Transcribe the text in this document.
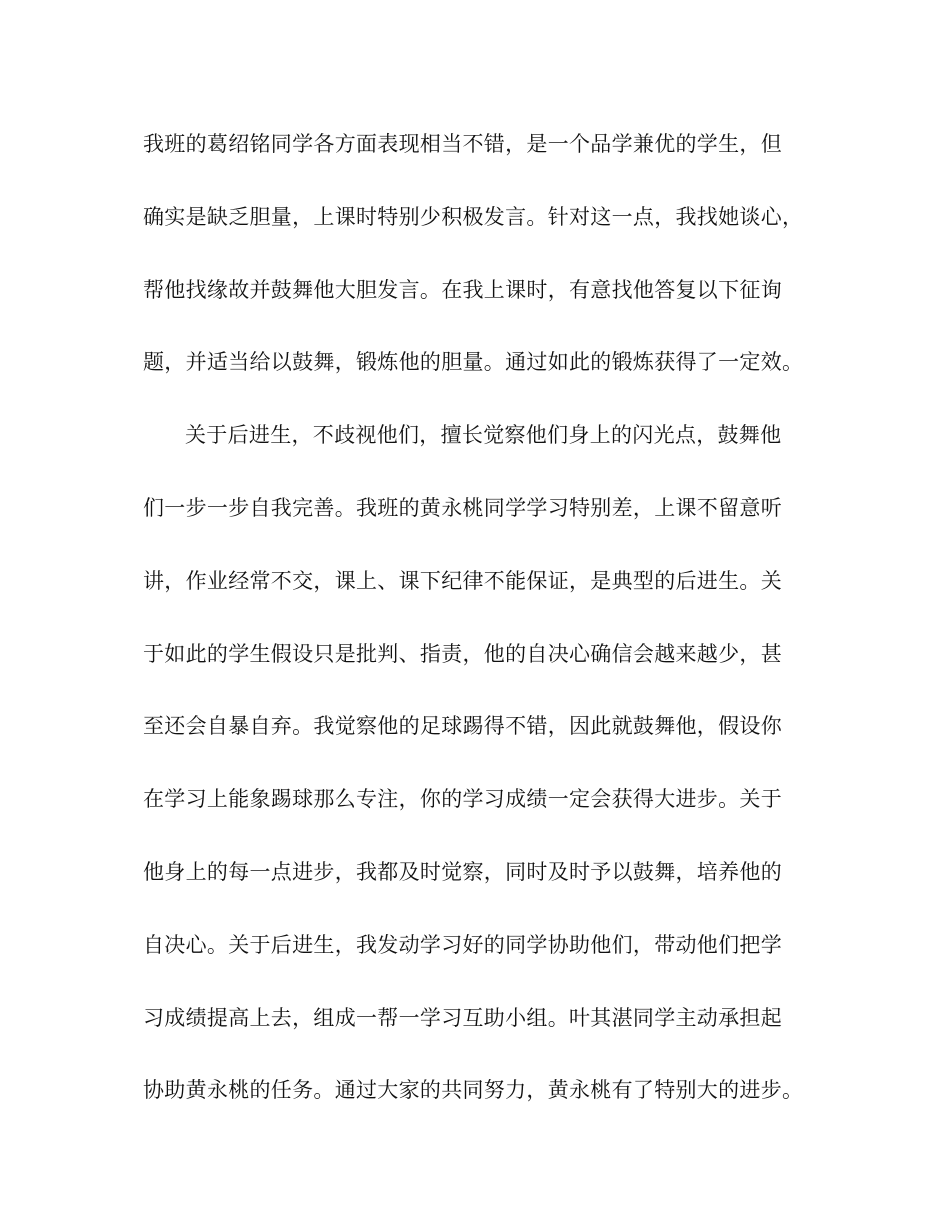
我班的葛绍铭同学各方面表现相当不错，是一个品学兼优的学生，但
确实是缺乏胆量，上课时特别少积极发言。针对这一点，我找她谈心，
帮他找缘故并鼓舞他大胆发言。在我上课时，有意找他答复以下征询
题，并适当给以鼓舞，锻炼他的胆量。通过如此的锻炼获得了一定效。
关于后进生，不歧视他们，擅长觉察他们身上的闪光点，鼓舞他
们一步一步自我完善。我班的黄永桃同学学习特别差，上课不留意听
讲，作业经常不交，课上、课下纪律不能保证，是典型的后进生。关
于如此的学生假设只是批判、指责，他的自决心确信会越来越少，甚
至还会自暴自弃。我觉察他的足球踢得不错，因此就鼓舞他，假设你
在学习上能象踢球那么专注，你的学习成绩一定会获得大进步。关于
他身上的每一点进步，我都及时觉察，同时及时予以鼓舞，培养他的
自决心。关于后进生，我发动学习好的同学协助他们，带动他们把学
习成绩提高上去，组成一帮一学习互助小组。叶其湛同学主动承担起
协助黄永桃的任务。通过大家的共同努力，黄永桃有了特别大的进步。
